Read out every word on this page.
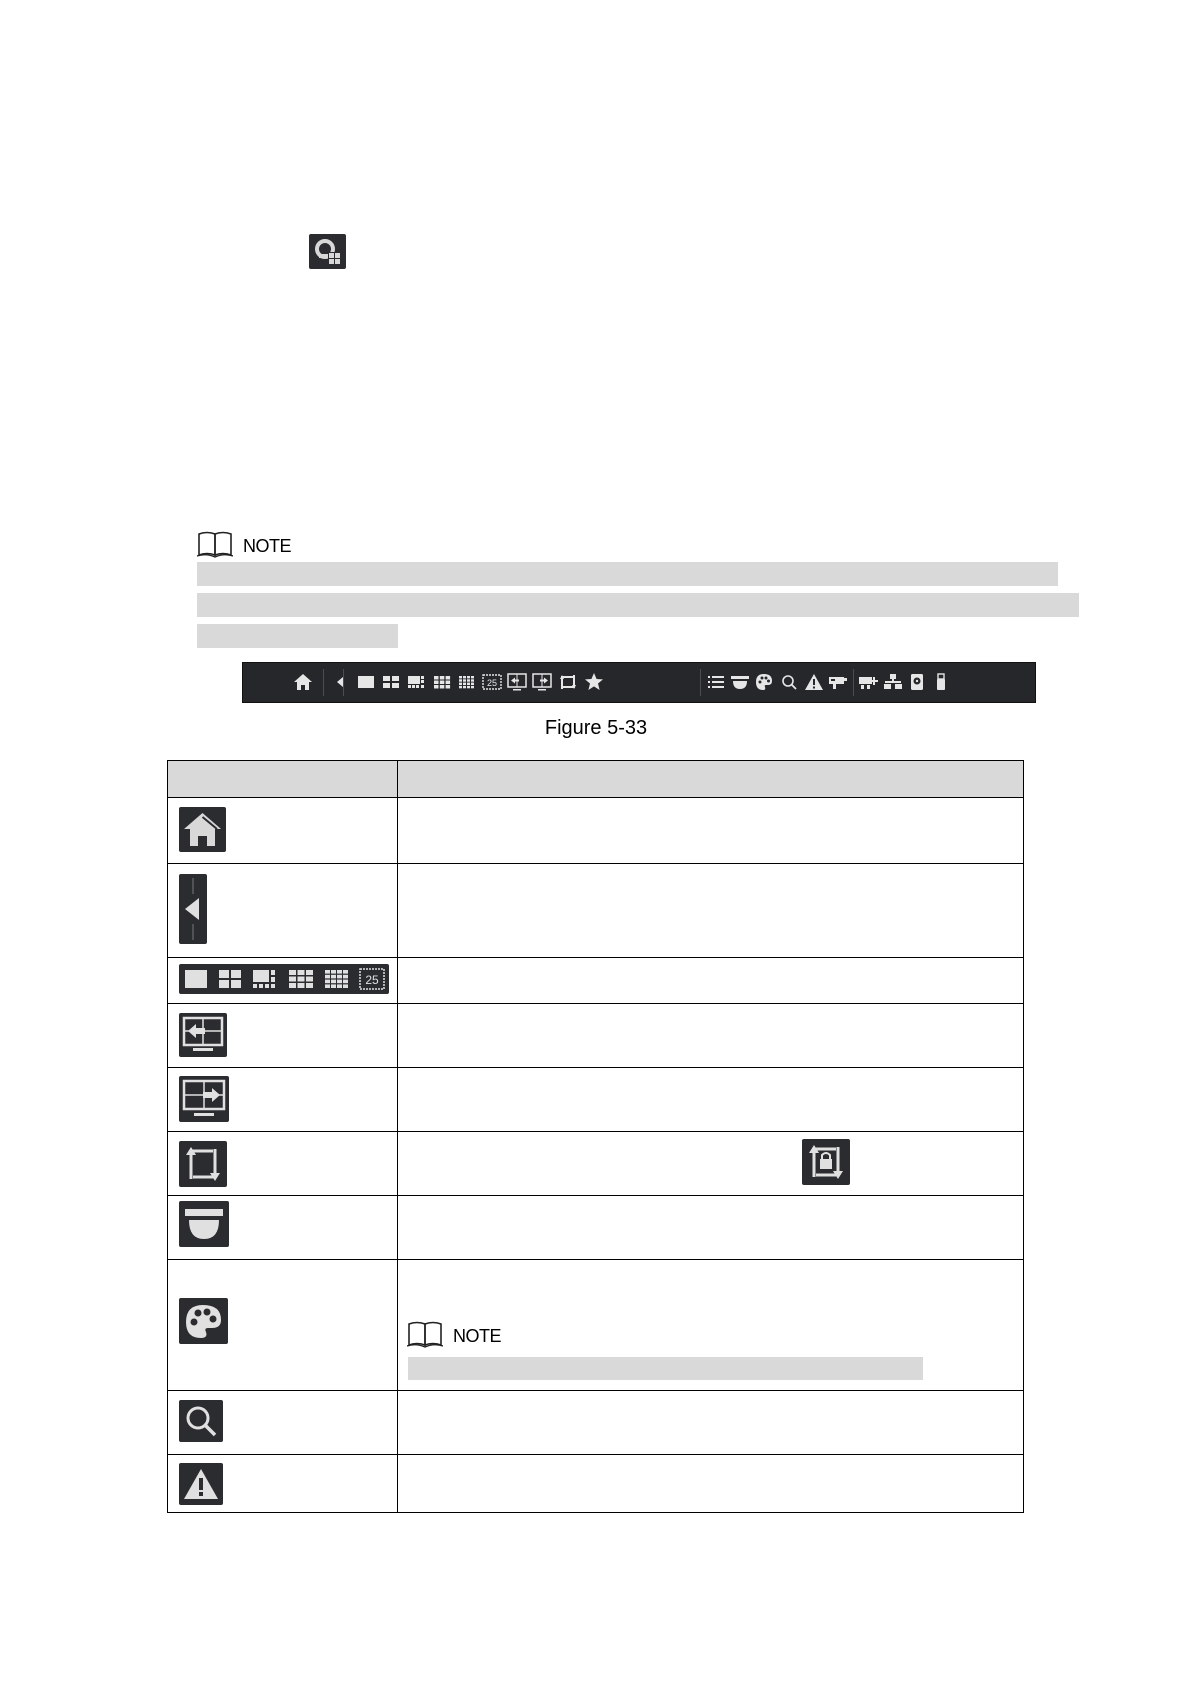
NOTE
25
Figure 5-33
25
NOTE
